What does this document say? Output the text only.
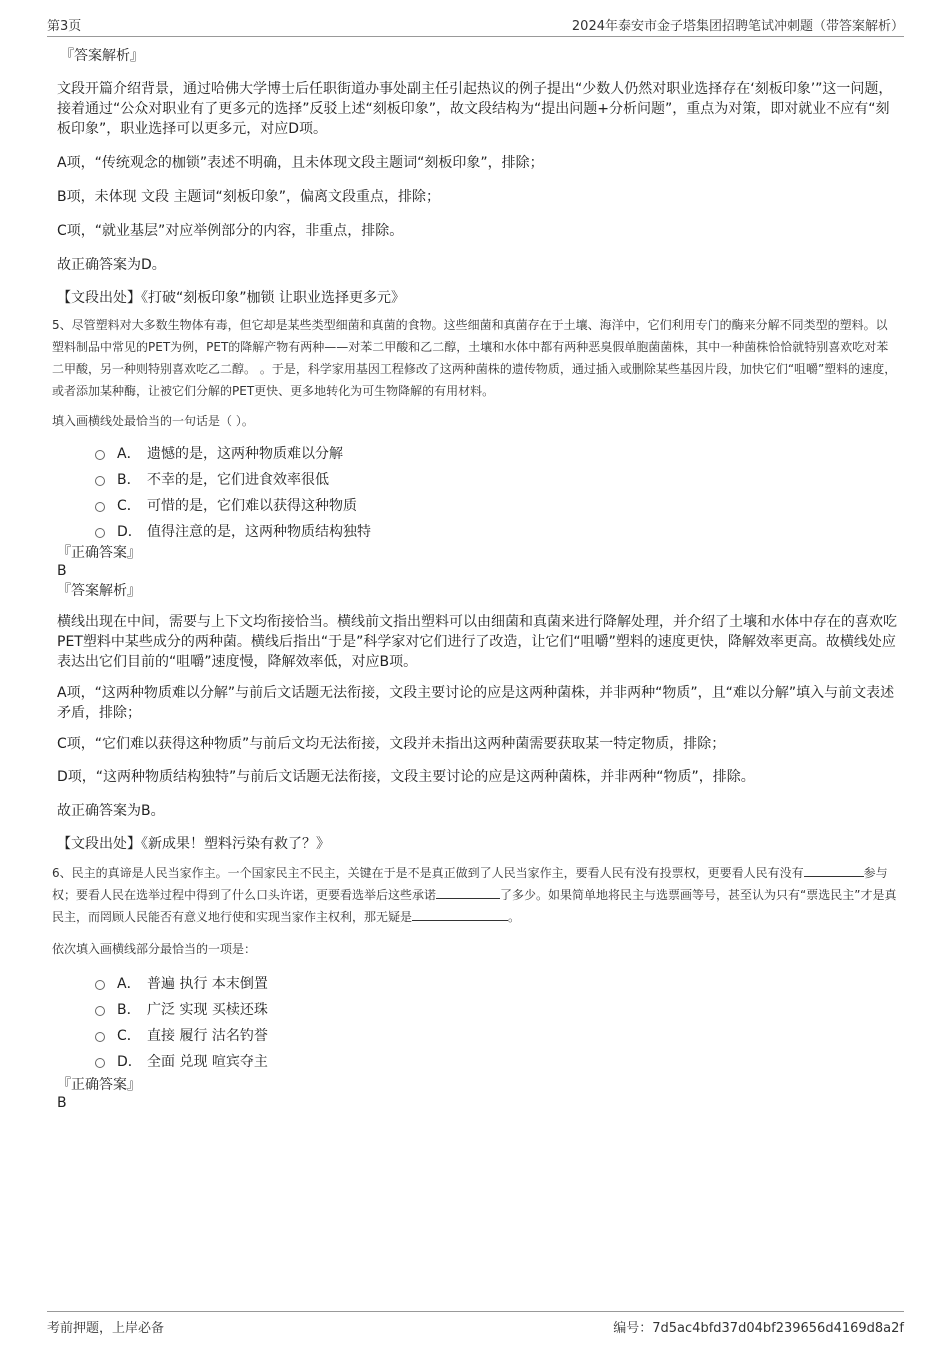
第3页	2024年泰安市金子塔集团招聘笔试冲刺题（带答案解析）
『答案解析』

文段开篇介绍背景，通过哈佛大学博士后任职街道办事处副主任引起热议的例子提出“少数人仍然对职业选择存在‘刻板印象’”这一问题，接着通过“公众对职业有了更多元的选择”反驳上述“刻板印象”，故文段结构为“提出问题+分析问题”，重点为对策，即对就业不应有“刻板印象”，职业选择可以更多元，对应D项。

A项，“传统观念的枷锁”表述不明确，且未体现文段主题词“刻板印象”，排除；

B项，未体现 文段 主题词“刻板印象”，偏离文段重点，排除；

C项，“就业基层”对应举例部分的内容，非重点，排除。

故正确答案为D。

【文段出处】《打破“刻板印象”枷锁 让职业选择更多元》

5、尽管塑料对大多数生物体有毒，但它却是某些类型细菌和真菌的食物。这些细菌和真菌存在于土壤、海洋中，它们利用专门的酶来分解不同类型的塑料。以塑料制品中常见的PET为例，PET的降解产物有两种——对苯二甲酸和乙二醇，土壤和水体中都有两种恶臭假单胞菌菌株，其中一种菌株恰恰就特别喜欢吃对苯二甲酸，另一种则特别喜欢吃乙二醇。 。于是，科学家用基因工程修改了这两种菌株的遗传物质，通过插入或删除某些基因片段，加快它们“咀嚼”塑料的速度，或者添加某种酶，让被它们分解的PET更快、更多地转化为可生物降解的有用材料。

填入画横线处最恰当的一句话是（ ）。

A． 遗憾的是，这两种物质难以分解
B． 不幸的是，它们进食效率很低
C． 可惜的是，它们难以获得这种物质
D． 值得注意的是，这两种物质结构独特
『正确答案』
B
『答案解析』

横线出现在中间，需要与上下文均衔接恰当。横线前文指出塑料可以由细菌和真菌来进行降解处理，并介绍了土壤和水体中存在的喜欢吃PET塑料中某些成分的两种菌。横线后指出“于是”科学家对它们进行了改造，让它们“咀嚼”塑料的速度更快，降解效率更高。故横线处应表达出它们目前的“咀嚼”速度慢，降解效率低，对应B项。

A项，“这两种物质难以分解”与前后文话题无法衔接，文段主要讨论的应是这两种菌株，并非两种“物质”，且“难以分解”填入与前文表述矛盾，排除；

C项，“它们难以获得这种物质”与前后文均无法衔接，文段并未指出这两种菌需要获取某一特定物质，排除；

D项，“这两种物质结构独特”与前后文话题无法衔接，文段主要讨论的应是这两种菌株，并非两种“物质”，排除。

故正确答案为B。

【文段出处】《新成果！塑料污染有救了？》

6、民主的真谛是人民当家作主。一个国家民主不民主，关键在于是不是真正做到了人民当家作主，要看人民有没有投票权，更要看人民有没有	参与权；要看人民在选举过程中得到了什么口头许诺，更要看选举后这些承诺	了多少。如果简单地将民主与选票画等号，甚至认为只有“票选民主”才是真民主，而罔顾人民能否有意义地行使和实现当家作主权利，那无疑是	。

依次填入画横线部分最恰当的一项是：

A． 普遍 执行 本末倒置
B． 广泛 实现 买椟还珠
C． 直接 履行 沽名钓誉
D． 全面 兑现 喧宾夺主
『正确答案』
B
考前押题，上岸必备	编号：7d5ac4bfd37d04bf239656d4169d8a2f
